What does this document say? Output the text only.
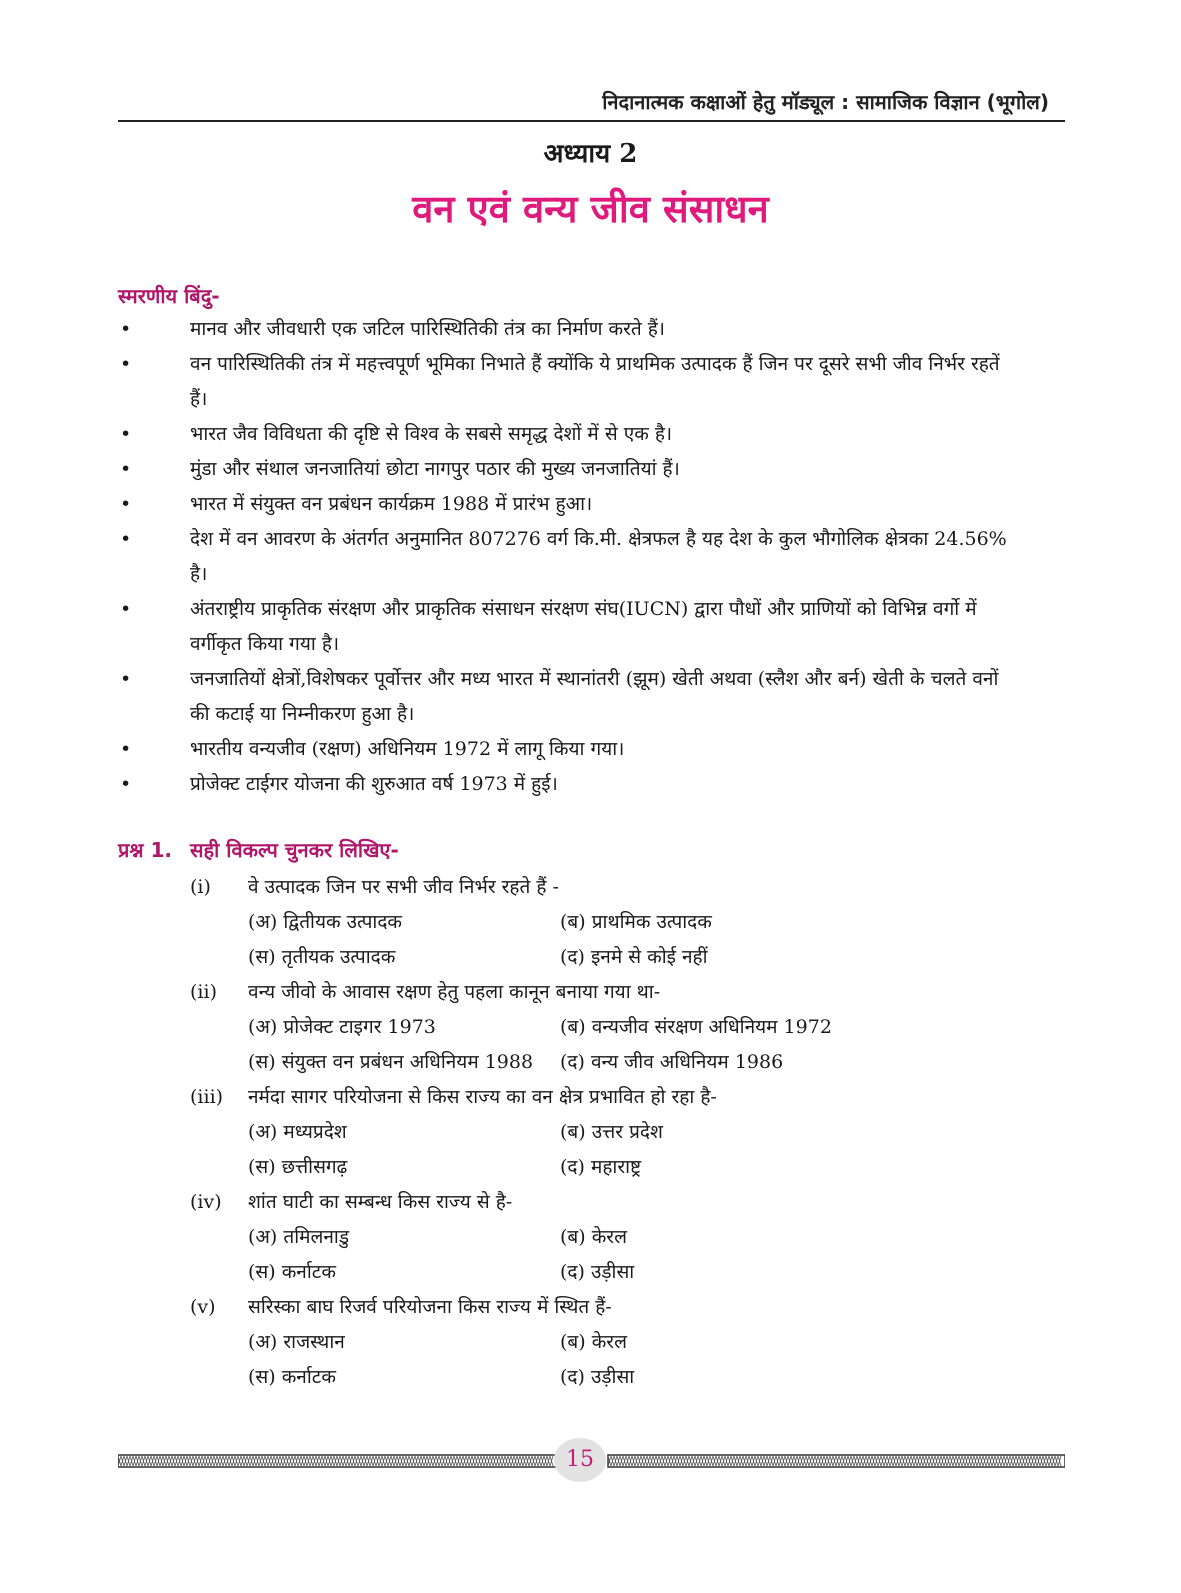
निदानात्मक कक्षाओं हेतु मॉड्यूल : सामाजिक विज्ञान (भूगोल)
अध्याय 2
वन एवं वन्य जीव संसाधन
स्मरणीय बिंदु-
•	मानव और जीवधारी एक जटिल पारिस्थितिकी तंत्र का निर्माण करते हैं।
•	वन पारिस्थितिकी तंत्र में महत्त्वपूर्ण भूमिका निभाते हैं क्योंकि ये प्राथमिक उत्पादक हैं जिन पर दूसरे सभी जीव निर्भर रहतें
हैं।
•	भारत जैव विविधता की दृष्टि से विश्व के सबसे समृद्ध देशों में से एक है।
•	मुंडा और संथाल जनजातियां छोटा नागपुर पठार की मुख्य जनजातियां हैं।
•	भारत में संयुक्त वन प्रबंधन कार्यक्रम 1988 में प्रारंभ हुआ।
•	देश में वन आवरण के अंतर्गत अनुमानित 807276 वर्ग कि.मी. क्षेत्रफल है यह देश के कुल भौगोलिक क्षेत्रका 24.56%
है।
•	अंतराष्ट्रीय प्राकृतिक संरक्षण और प्राकृतिक संसाधन संरक्षण संघ(IUCN) द्वारा पौधों और प्राणियों को विभिन्न वर्गो में
वर्गीकृत किया गया है।
•	जनजातियों क्षेत्रों,विशेषकर पूर्वोत्तर और मध्य भारत में स्थानांतरी (झूम) खेती अथवा (स्लैश और बर्न) खेती के चलते वनों
की कटाई या निम्नीकरण हुआ है।
•	भारतीय वन्यजीव (रक्षण) अधिनियम 1972 में लागू किया गया।
•	प्रोजेक्ट टाईगर योजना की शुरुआत वर्ष 1973 में हुई।
प्रश्न 1. सही विकल्प चुनकर लिखिए-
(i) वे उत्पादक जिन पर सभी जीव निर्भर रहते हैं -
(अ) द्वितीयक उत्पादक	(ब) प्राथमिक उत्पादक
(स) तृतीयक उत्पादक	(द) इनमे से कोई नहीं
(ii) वन्य जीवो के आवास रक्षण हेतु पहला कानून बनाया गया था-
(अ) प्रोजेक्ट टाइगर 1973	(ब) वन्यजीव संरक्षण अधिनियम 1972
(स) संयुक्त वन प्रबंधन अधिनियम 1988 (द) वन्य जीव अधिनियम 1986
(iii) नर्मदा सागर परियोजना से किस राज्य का वन क्षेत्र प्रभावित हो रहा है-
(अ) मध्यप्रदेश	(ब) उत्तर प्रदेश
(स) छत्तीसगढ़	(द) महाराष्ट्र
(iv) शांत घाटी का सम्बन्ध किस राज्य से है-
(अ) तमिलनाडु	(ब) केरल
(स) कर्नाटक	(द) उड़ीसा
(v) सरिस्का बाघ रिजर्व परियोजना किस राज्य में स्थित हैं-
(अ) राजस्थान	(ब) केरल
(स) कर्नाटक	(द) उड़ीसा
15
